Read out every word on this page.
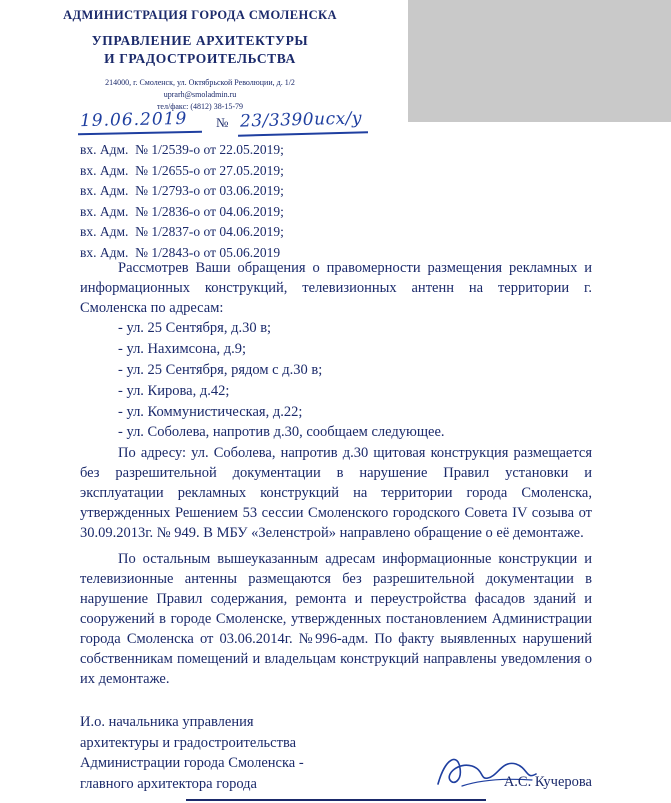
АДМИНИСТРАЦИЯ ГОРОДА СМОЛЕНСКА
УПРАВЛЕНИЕ АРХИТЕКТУРЫ
И ГРАДОСТРОИТЕЛЬСТВА
214000, г. Смоленск, ул. Октябрьской Революции, д. 1/2
uprarh@smoladmin.ru
тел/факс: (4812) 38-15-79
19.06.2019 № 23/3390исх/у
вх. Адм.  № 1/2539-о от 22.05.2019;
вх. Адм.  № 1/2655-о от 27.05.2019;
вх. Адм.  № 1/2793-о от 03.06.2019;
вх. Адм.  № 1/2836-о от 04.06.2019;
вх. Адм.  № 1/2837-о от 04.06.2019;
вх. Адм.  № 1/2843-о от 05.06.2019

Рассмотрев Ваши обращения о правомерности размещения рекламных и информационных конструкций, телевизионных антенн на территории г. Смоленска по адресам:

- ул. 25 Сентября, д.30 в;

- ул. Нахимсона, д.9;

- ул. 25 Сентября, рядом с д.30 в;

- ул. Кирова, д.42;

- ул. Коммунистическая, д.22;

- ул. Соболева, напротив д.30, сообщаем следующее.

По адресу: ул. Соболева, напротив д.30 щитовая конструкция размещается без разрешительной документации в нарушение Правил установки и эксплуатации рекламных конструкций на территории города Смоленска, утвержденных Решением 53 сессии Смоленского городского Совета IV созыва от 30.09.2013г. № 949. В МБУ «Зеленстрой» направлено обращение о её демонтаже.

По остальным вышеуказанным адресам информационные конструкции и телевизионные антенны размещаются без разрешительной документации в нарушение Правил содержания, ремонта и переустройства фасадов зданий и сооружений в городе Смоленске, утвержденных постановлением Администрации города Смоленска от 03.06.2014г. №996-адм. По факту выявленных нарушений собственникам помещений и владельцам конструкций направлены уведомления о их демонтаже.

И.о. начальника управления
архитектуры и градостроительства
Администрации города Смоленска -
главного архитектора города	А.С. Кучерова
